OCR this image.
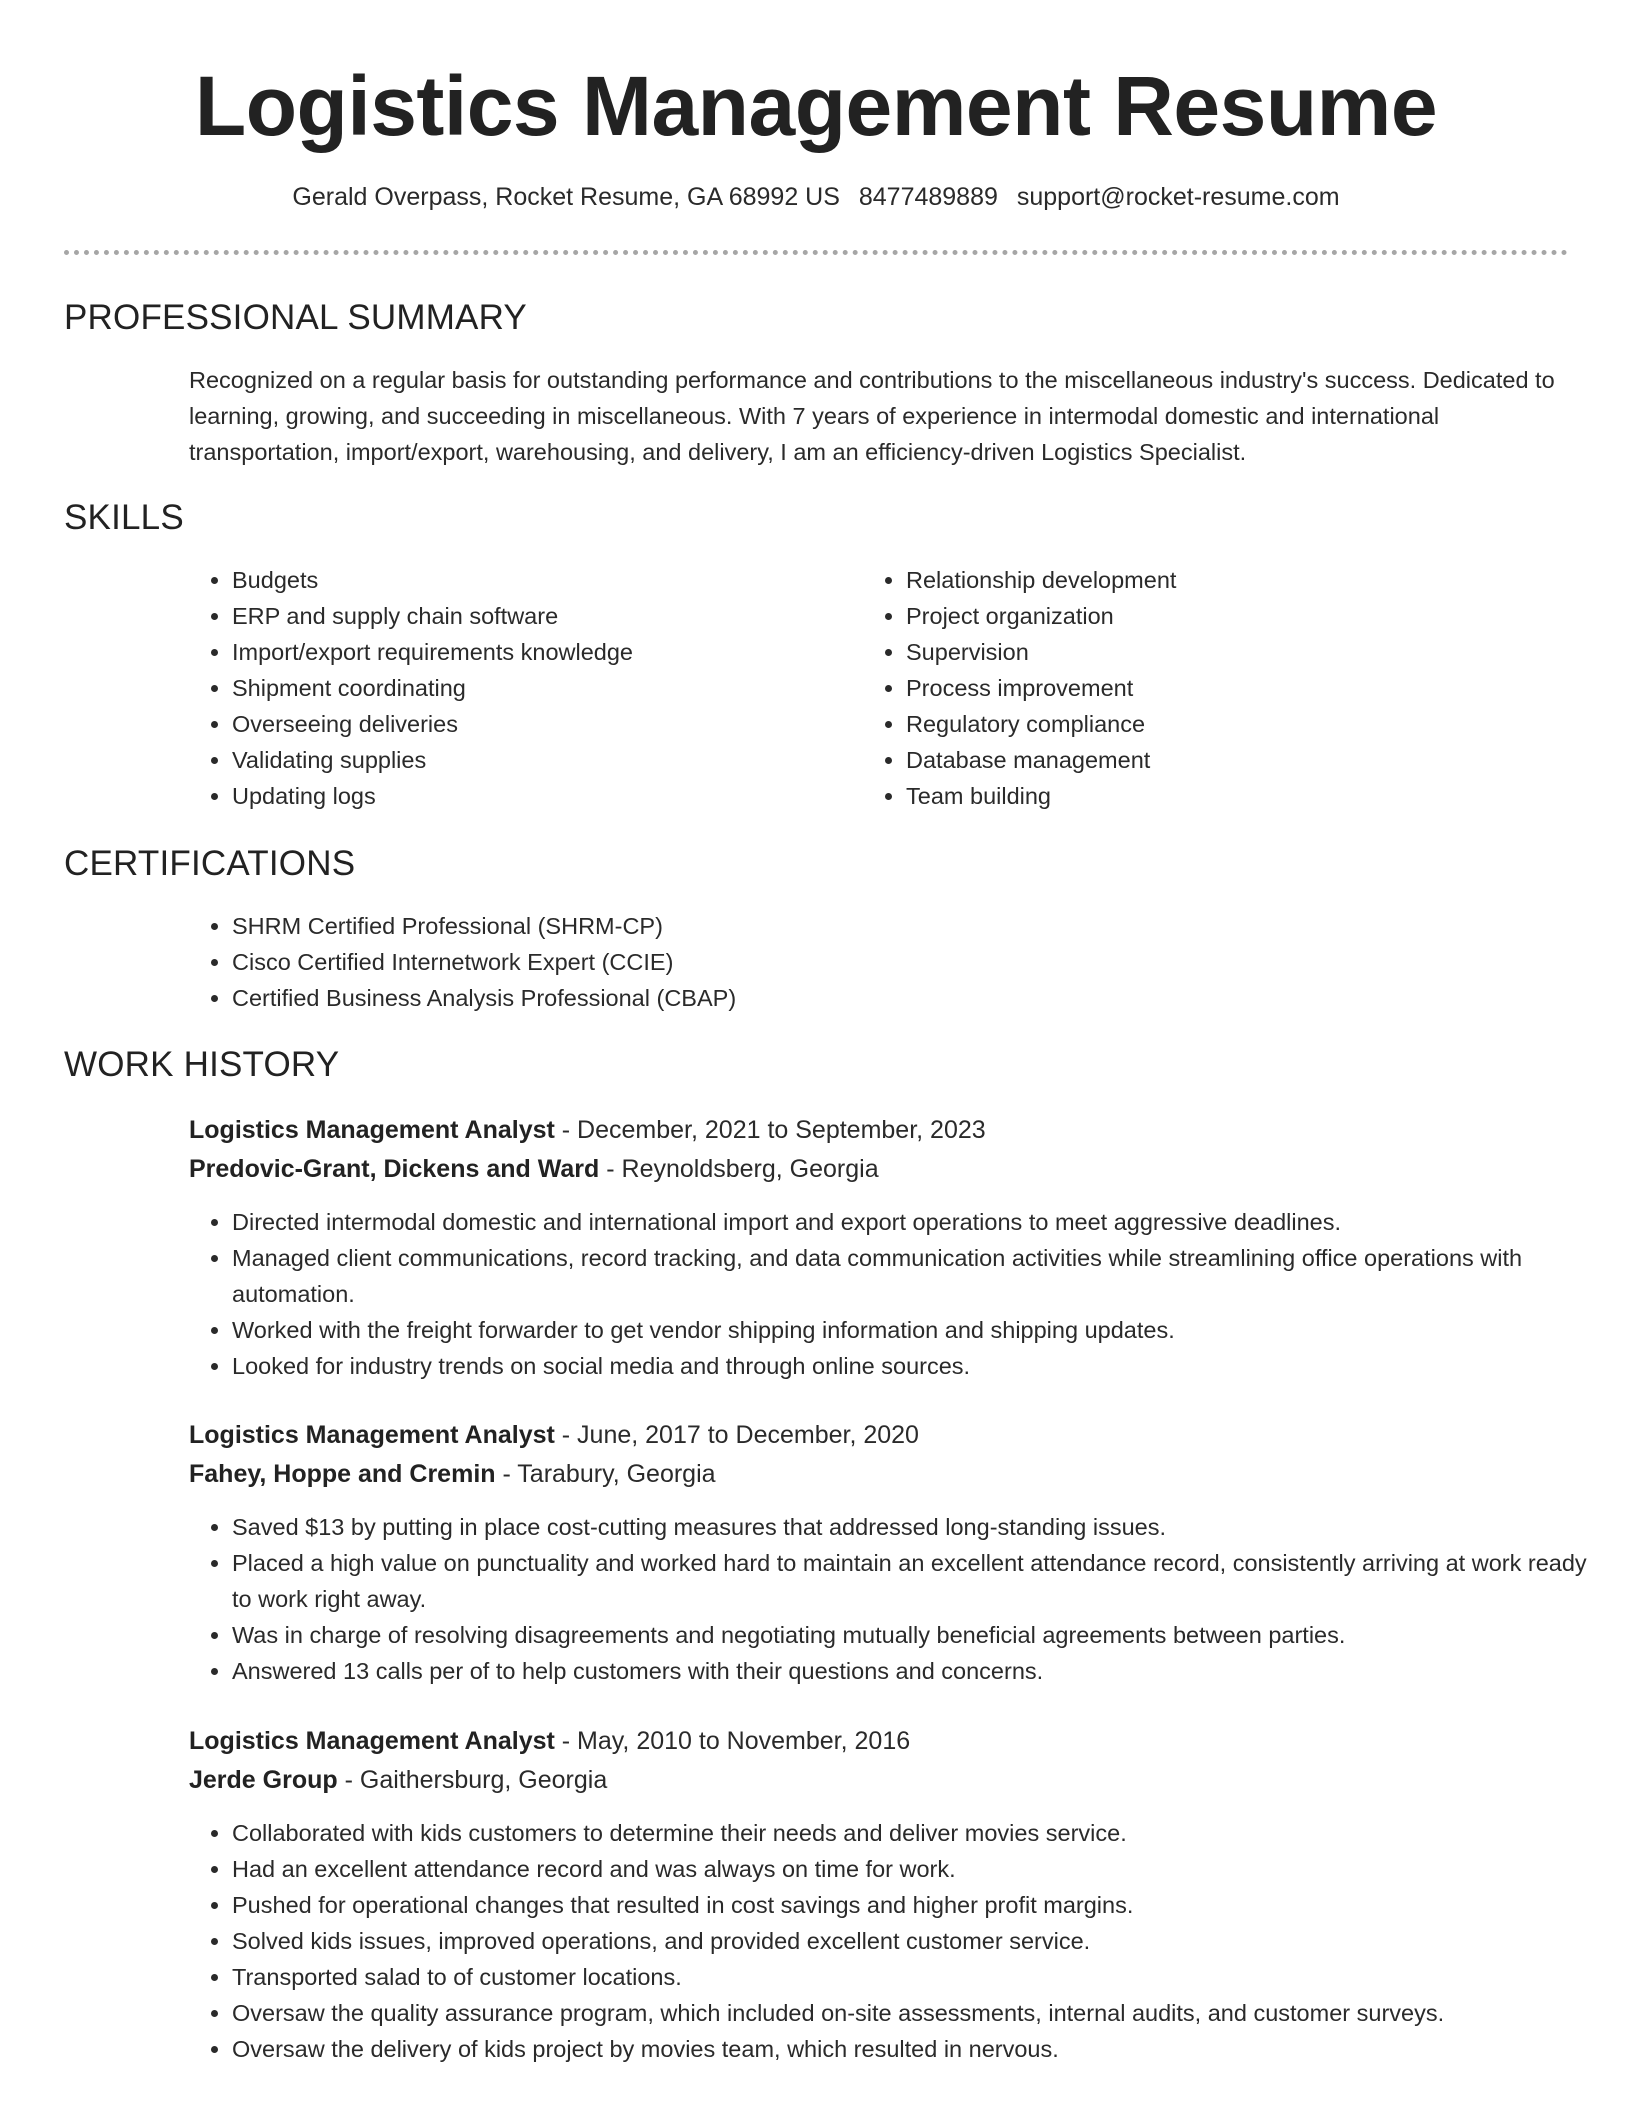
Logistics Management Resume
Gerald Overpass, Rocket Resume, GA 68992 US 8477489889 support@rocket-resume.com
PROFESSIONAL SUMMARY
Recognized on a regular basis for outstanding performance and contributions to the miscellaneous industry's success. Dedicated to learning, growing, and succeeding in miscellaneous. With 7 years of experience in intermodal domestic and international transportation, import/export, warehousing, and delivery, I am an efficiency-driven Logistics Specialist.
SKILLS
• Budgets
• ERP and supply chain software
• Import/export requirements knowledge
• Shipment coordinating
• Overseeing deliveries
• Validating supplies
• Updating logs
• Relationship development
• Project organization
• Supervision
• Process improvement
• Regulatory compliance
• Database management
• Team building
CERTIFICATIONS
• SHRM Certified Professional (SHRM-CP)
• Cisco Certified Internetwork Expert (CCIE)
• Certified Business Analysis Professional (CBAP)
WORK HISTORY
Logistics Management Analyst - December, 2021 to September, 2023
Predovic-Grant, Dickens and Ward - Reynoldsberg, Georgia
• Directed intermodal domestic and international import and export operations to meet aggressive deadlines.
• Managed client communications, record tracking, and data communication activities while streamlining office operations with automation.
• Worked with the freight forwarder to get vendor shipping information and shipping updates.
• Looked for industry trends on social media and through online sources.
Logistics Management Analyst - June, 2017 to December, 2020
Fahey, Hoppe and Cremin - Tarabury, Georgia
• Saved $13 by putting in place cost-cutting measures that addressed long-standing issues.
• Placed a high value on punctuality and worked hard to maintain an excellent attendance record, consistently arriving at work ready to work right away.
• Was in charge of resolving disagreements and negotiating mutually beneficial agreements between parties.
• Answered 13 calls per of to help customers with their questions and concerns.
Logistics Management Analyst - May, 2010 to November, 2016
Jerde Group - Gaithersburg, Georgia
• Collaborated with kids customers to determine their needs and deliver movies service.
• Had an excellent attendance record and was always on time for work.
• Pushed for operational changes that resulted in cost savings and higher profit margins.
• Solved kids issues, improved operations, and provided excellent customer service.
• Transported salad to of customer locations.
• Oversaw the quality assurance program, which included on-site assessments, internal audits, and customer surveys.
• Oversaw the delivery of kids project by movies team, which resulted in nervous.
